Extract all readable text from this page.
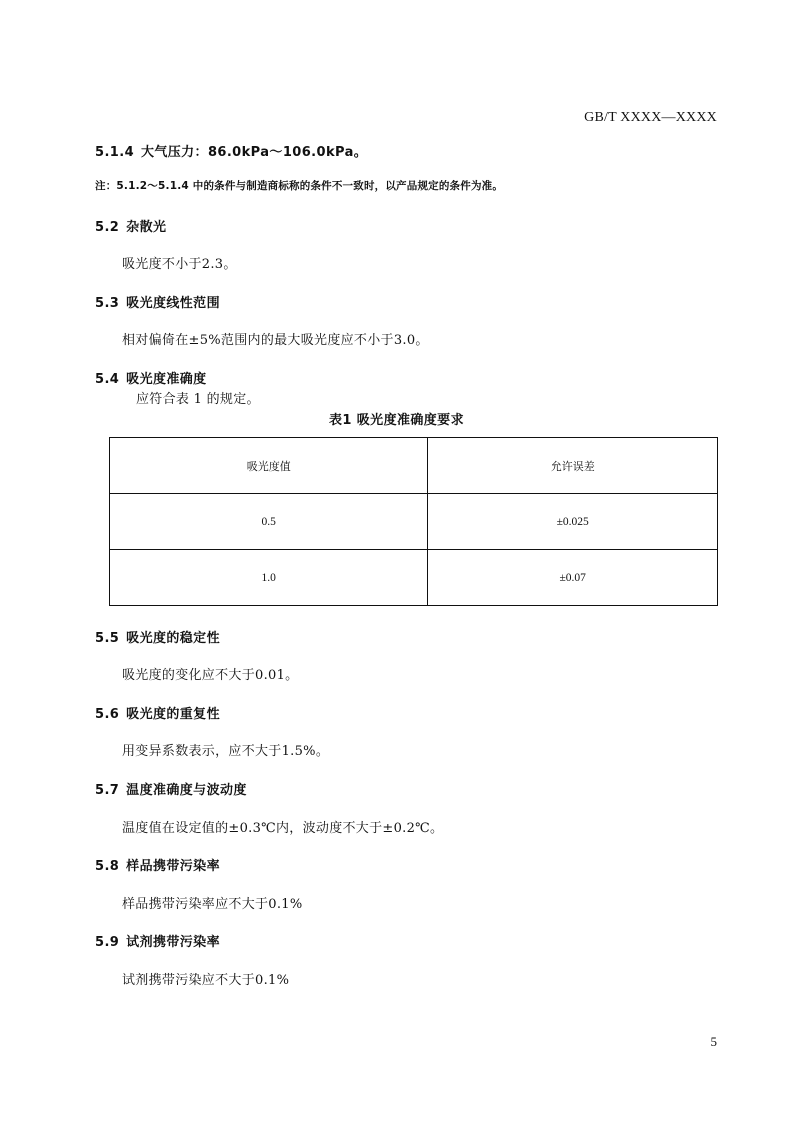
GB/T XXXX—XXXX
5.1.4 大气压力：86.0kPa～106.0kPa。
注：5.1.2～5.1.4 中的条件与制造商标称的条件不一致时，以产品规定的条件为准。
5.2 杂散光
吸光度不小于2.3。
5.3 吸光度线性范围
相对偏倚在±5%范围内的最大吸光度应不小于3.0。
5.4 吸光度准确度
应符合表 1 的规定。
表1 吸光度准确度要求
吸光度值	允许误差
0.5	±0.025
1.0	±0.07
5.5 吸光度的稳定性
吸光度的变化应不大于0.01。
5.6 吸光度的重复性
用变异系数表示，应不大于1.5%。
5.7 温度准确度与波动度
温度值在设定值的±0.3℃内，波动度不大于±0.2℃。
5.8 样品携带污染率
样品携带污染率应不大于0.1%
5.9 试剂携带污染率
试剂携带污染应不大于0.1%
5
